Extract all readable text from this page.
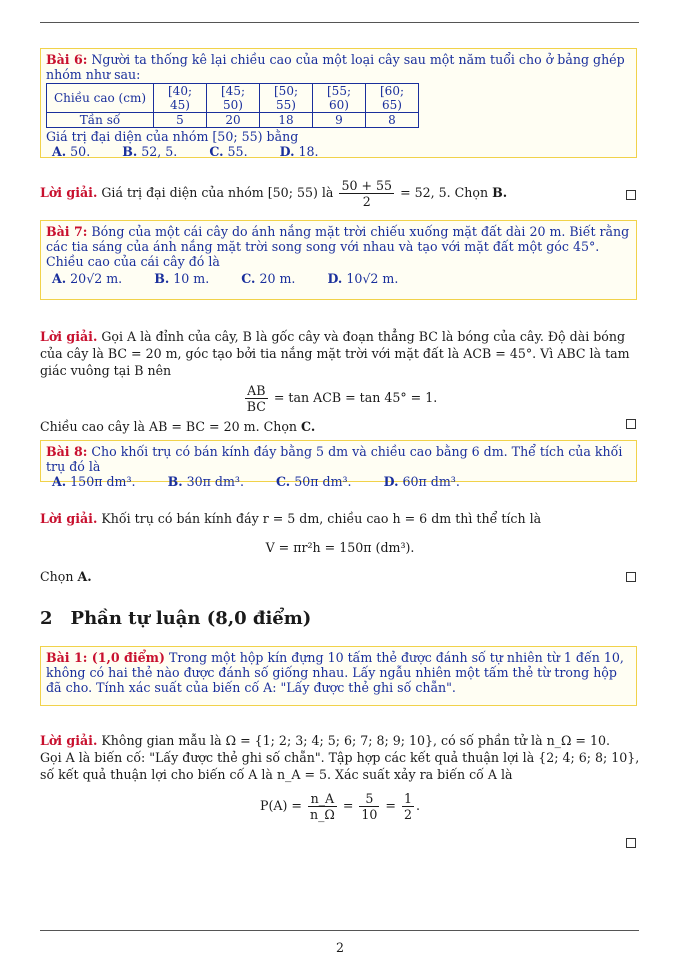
Bài 6: Người ta thống kê lại chiều cao của một loại cây sau một năm tuổi cho ở bảng ghép nhóm như sau:
Chiều cao (cm)	[40; 45)	[45; 50)	[50; 55)	[55; 60)	[60; 65)
Tần số	5	20	18	9	8
Giá trị đại diện của nhóm [50; 55) bằng
A. 50.	B. 52, 5.	C. 55.	D. 18.
Lời giải. Giá trị đại diện của nhóm [50; 55) là $\frac{50 + 55}{2} = 52$, 5. Chọn B.
Bài 7: Bóng của một cái cây do ánh nắng mặt trời chiếu xuống mặt đất dài 20 m. Biết rằng các tia sáng của ánh nắng mặt trời song song với nhau và tạo với mặt đất một góc 45°. Chiều cao của cái cây đó là
A. 20√2 m.	B. 10 m.	C. 20 m.	D. 10√2 m.
Lời giải. Gọi A là đỉnh của cây, B là gốc cây và đoạn thẳng BC là bóng của cây. Độ dài bóng của cây là BC = 20 m, góc tạo bởi tia nắng mặt trời với mặt đất là ACB = 45°. Vì ABC là tam giác vuông tại B nên
$\frac{AB}{BC} = \tan$ ACB = tan 45° = 1.
Chiều cao cây là AB = BC = 20 m. Chọn C.
Bài 8: Cho khối trụ có bán kính đáy bằng 5 dm và chiều cao bằng 6 dm. Thể tích của khối trụ đó là
A. 150π dm³.	B. 30π dm³.	C. 50π dm³.	D. 60π dm³.
Lời giải. Khối trụ có bán kính đáy r = 5 dm, chiều cao h = 6 dm thì thể tích là
V = πr²h = 150π (dm³).
Chọn A.
2 Phần tự luận (8,0 điểm)
Bài 1: (1,0 điểm) Trong một hộp kín đựng 10 tấm thẻ được đánh số tự nhiên từ 1 đến 10, không có hai thẻ nào được đánh số giống nhau. Lấy ngẫu nhiên một tấm thẻ từ trong hộp đã cho. Tính xác suất của biến cố A: "Lấy được thẻ ghi số chẵn".
Lời giải. Không gian mẫu là Ω = {1; 2; 3; 4; 5; 6; 7; 8; 9; 10}, có số phần tử là n_Ω = 10.
Gọi A là biến cố: "Lấy được thẻ ghi số chẵn". Tập hợp các kết quả thuận lợi là {2; 4; 6; 8; 10}, số kết quả thuận lợi cho biến cố A là n_A = 5. Xác suất xảy ra biến cố A là
$P(A) = \frac{n\_A}{n\_\Omega} = \frac{5}{10} = \frac{1}{2}$ .
2
